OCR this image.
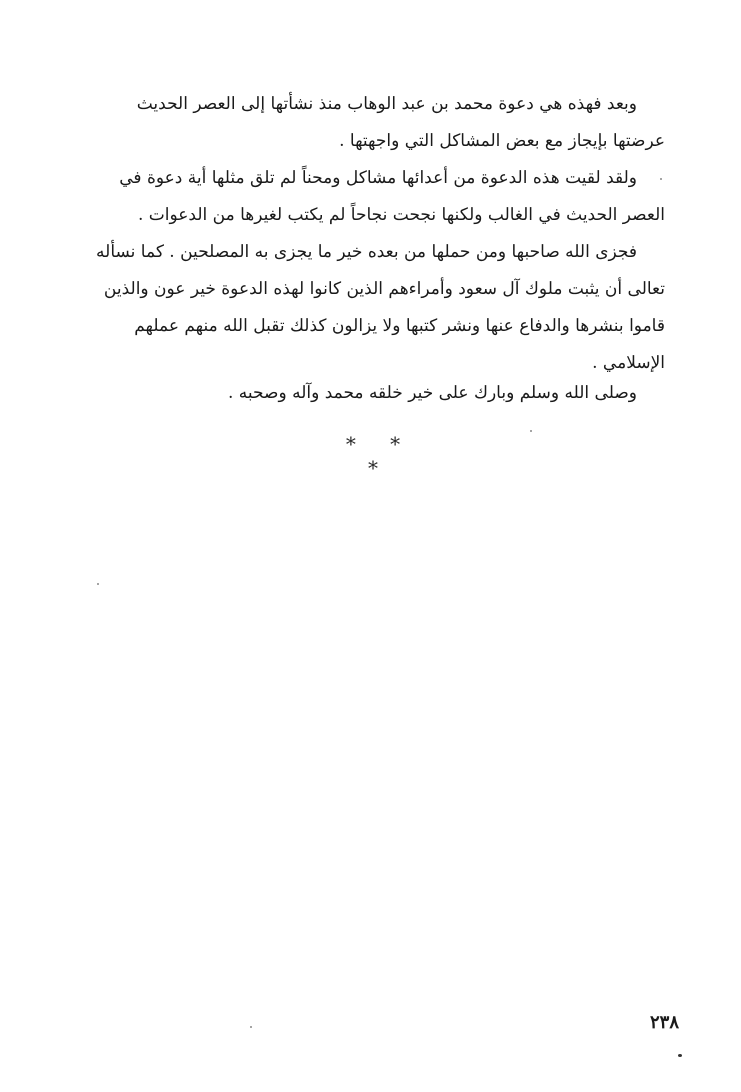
وبعد فهذه هي دعوة محمد بن عبد الوهاب منذ نشأتها إلى العصر الحديث
عرضتها بإيجاز مع بعض المشاكل التي واجهتها .
ولقد لقيت هذه الدعوة من أعدائها مشاكل ومحناً لم تلق مثلها أية دعوة في
العصر الحديث في الغالب ولكنها نجحت نجاحاً لم يكتب لغيرها من الدعوات .
فجزى الله صاحبها ومن حملها من بعده خير ما يجزى به المصلحين . كما نسأله
تعالى أن يثبت ملوك آل سعود وأمراءهم الذين كانوا لهذه الدعوة خير عون والذين
قاموا بنشرها والدفاع عنها ونشر كتبها ولا يزالون كذلك تقبل الله منهم عملهم
الإسلامي .
وصلى الله وسلم وبارك على خير خلقه محمد وآله وصحبه .
* * *
٢٣٨
